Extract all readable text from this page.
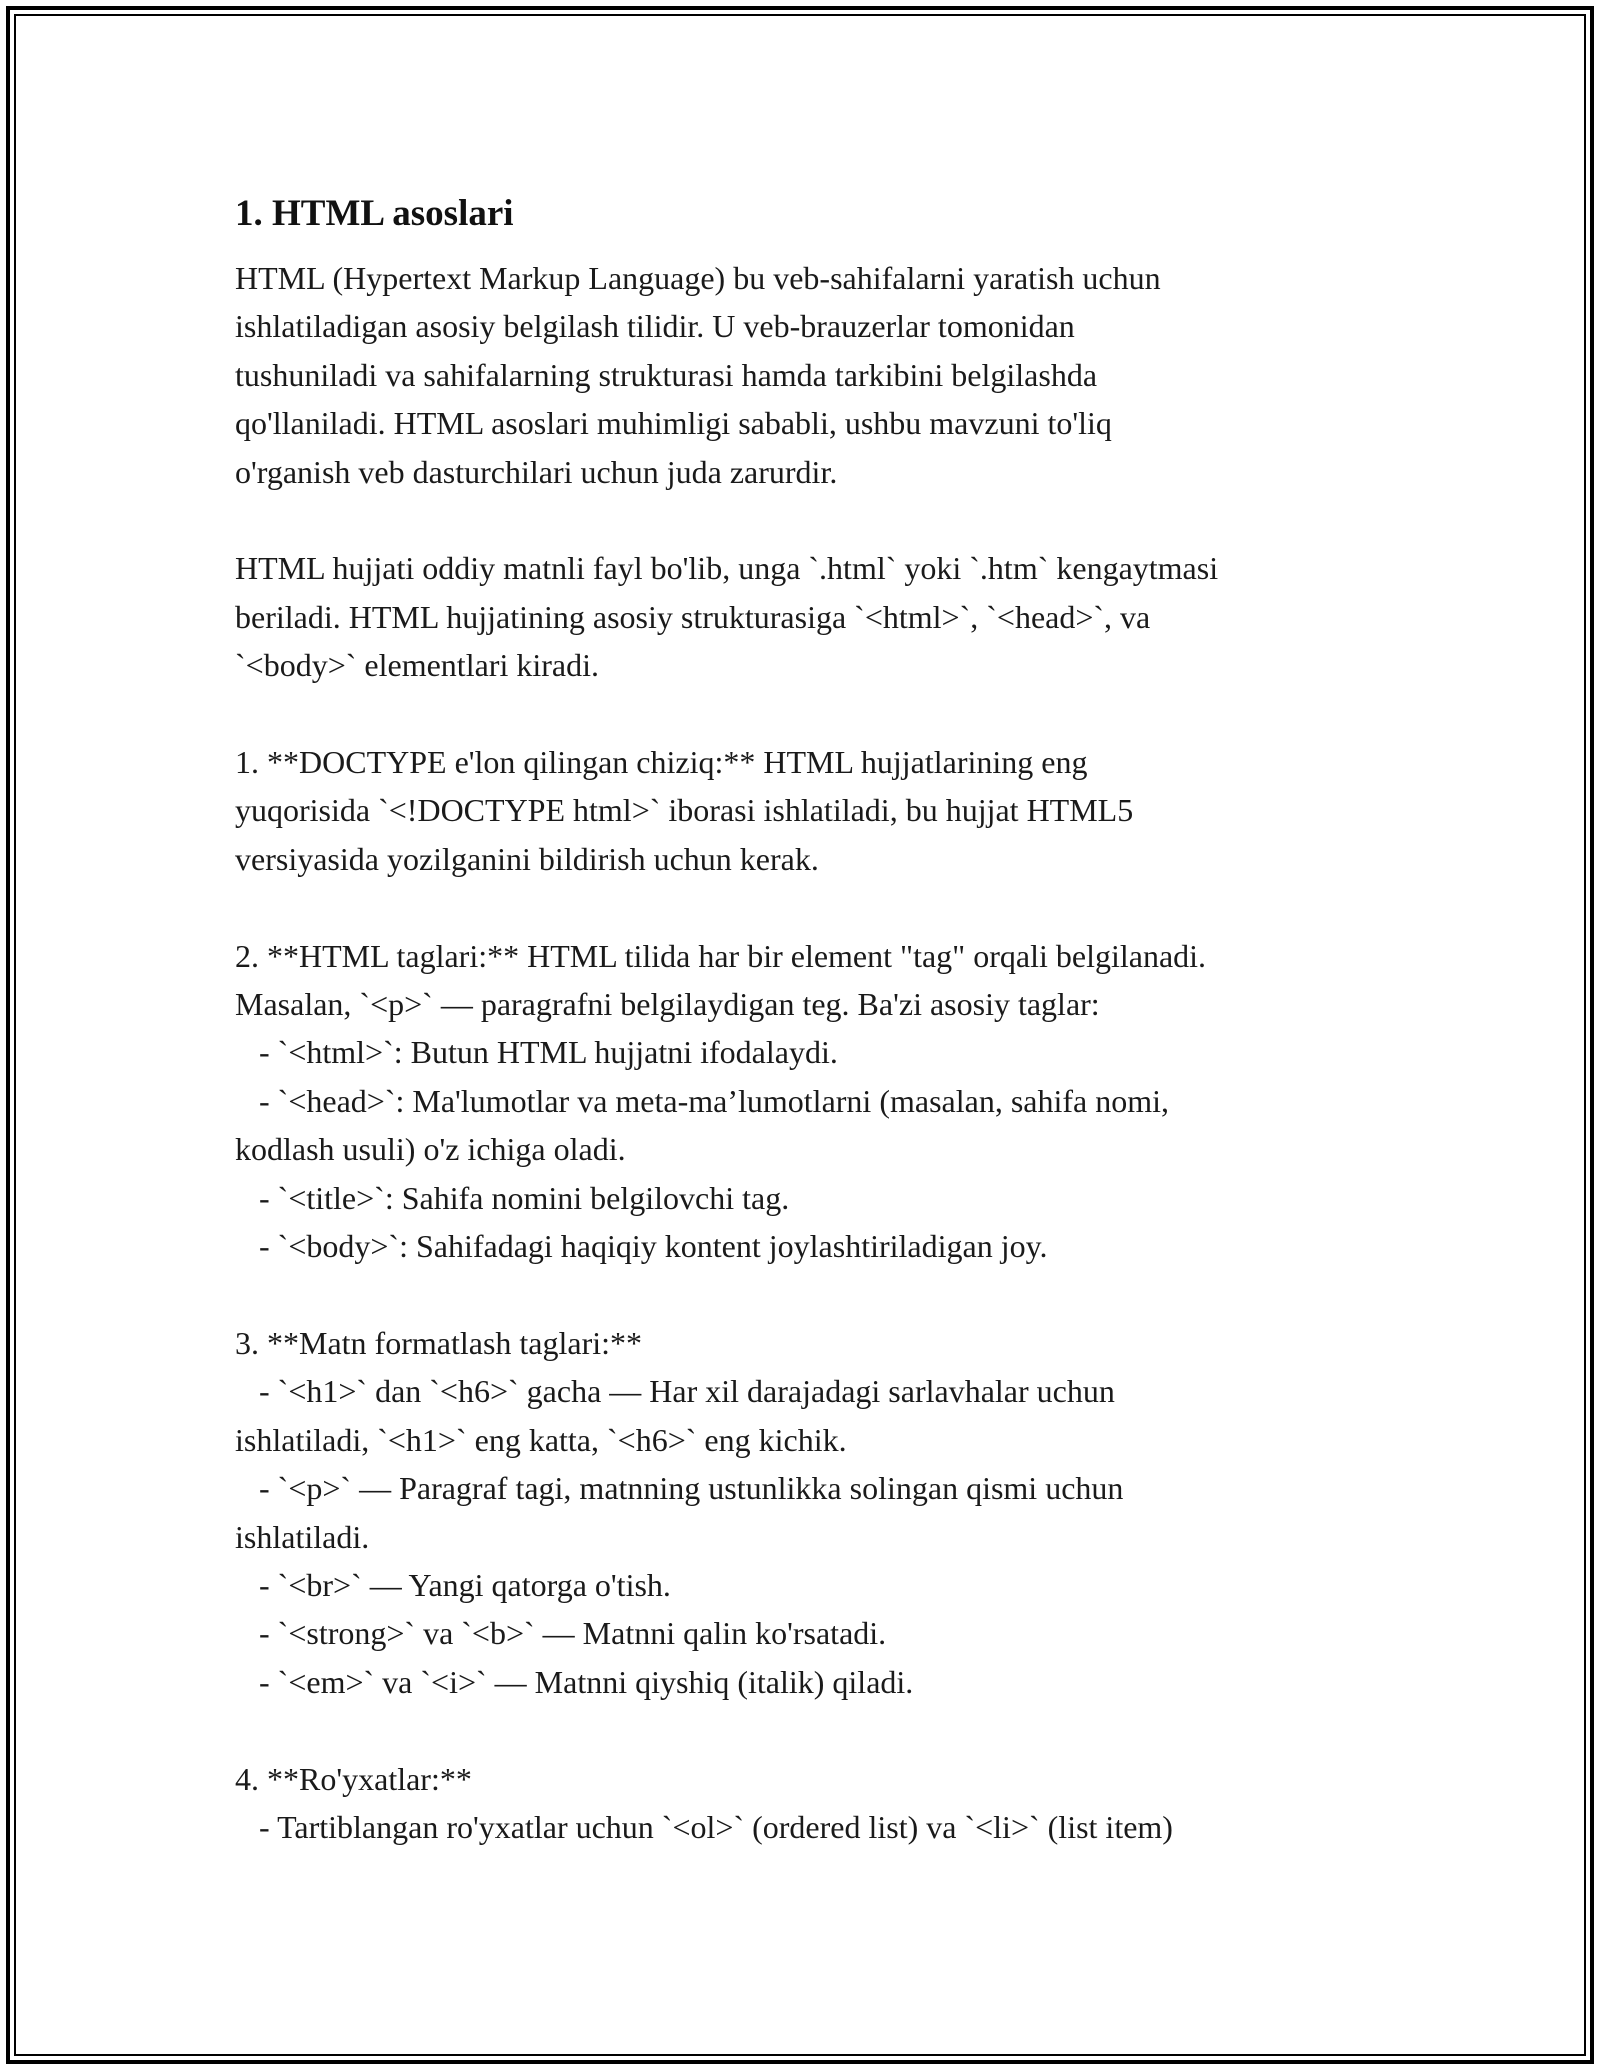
1. HTML asoslari
HTML (Hypertext Markup Language) bu veb-sahifalarni yaratish uchun
ishlatiladigan asosiy belgilash tilidir. U veb-brauzerlar tomonidan
tushuniladi va sahifalarning strukturasi hamda tarkibini belgilashda
qo'llaniladi. HTML asoslari muhimligi sababli, ushbu mavzuni to'liq
o'rganish veb dasturchilari uchun juda zarurdir.
HTML hujjati oddiy matnli fayl bo'lib, unga `.html` yoki `.htm` kengaytmasi
beriladi. HTML hujjatining asosiy strukturasiga `<html>`, `<head>`, va
`<body>` elementlari kiradi.
1. **DOCTYPE e'lon qilingan chiziq:** HTML hujjatlarining eng
yuqorisida `<!DOCTYPE html>` iborasi ishlatiladi, bu hujjat HTML5
versiyasida yozilganini bildirish uchun kerak.
2. **HTML taglari:** HTML tilida har bir element "tag" orqali belgilanadi.
Masalan, `<p>` — paragrafni belgilaydigan teg. Ba'zi asosiy taglar:
- `<html>`: Butun HTML hujjatni ifodalaydi.
- `<head>`: Ma'lumotlar va meta-ma’lumotlarni (masalan, sahifa nomi,
kodlash usuli) o'z ichiga oladi.
- `<title>`: Sahifa nomini belgilovchi tag.
- `<body>`: Sahifadagi haqiqiy kontent joylashtiriladigan joy.
3. **Matn formatlash taglari:**
- `<h1>` dan `<h6>` gacha — Har xil darajadagi sarlavhalar uchun
ishlatiladi, `<h1>` eng katta, `<h6>` eng kichik.
- `<p>` — Paragraf tagi, matnning ustunlikka solingan qismi uchun
ishlatiladi.
- `<br>` — Yangi qatorga o'tish.
- `<strong>` va `<b>` — Matnni qalin ko'rsatadi.
- `<em>` va `<i>` — Matnni qiyshiq (italik) qiladi.
4. **Ro'yxatlar:**
- Tartiblangan ro'yxatlar uchun `<ol>` (ordered list) va `<li>` (list item)
